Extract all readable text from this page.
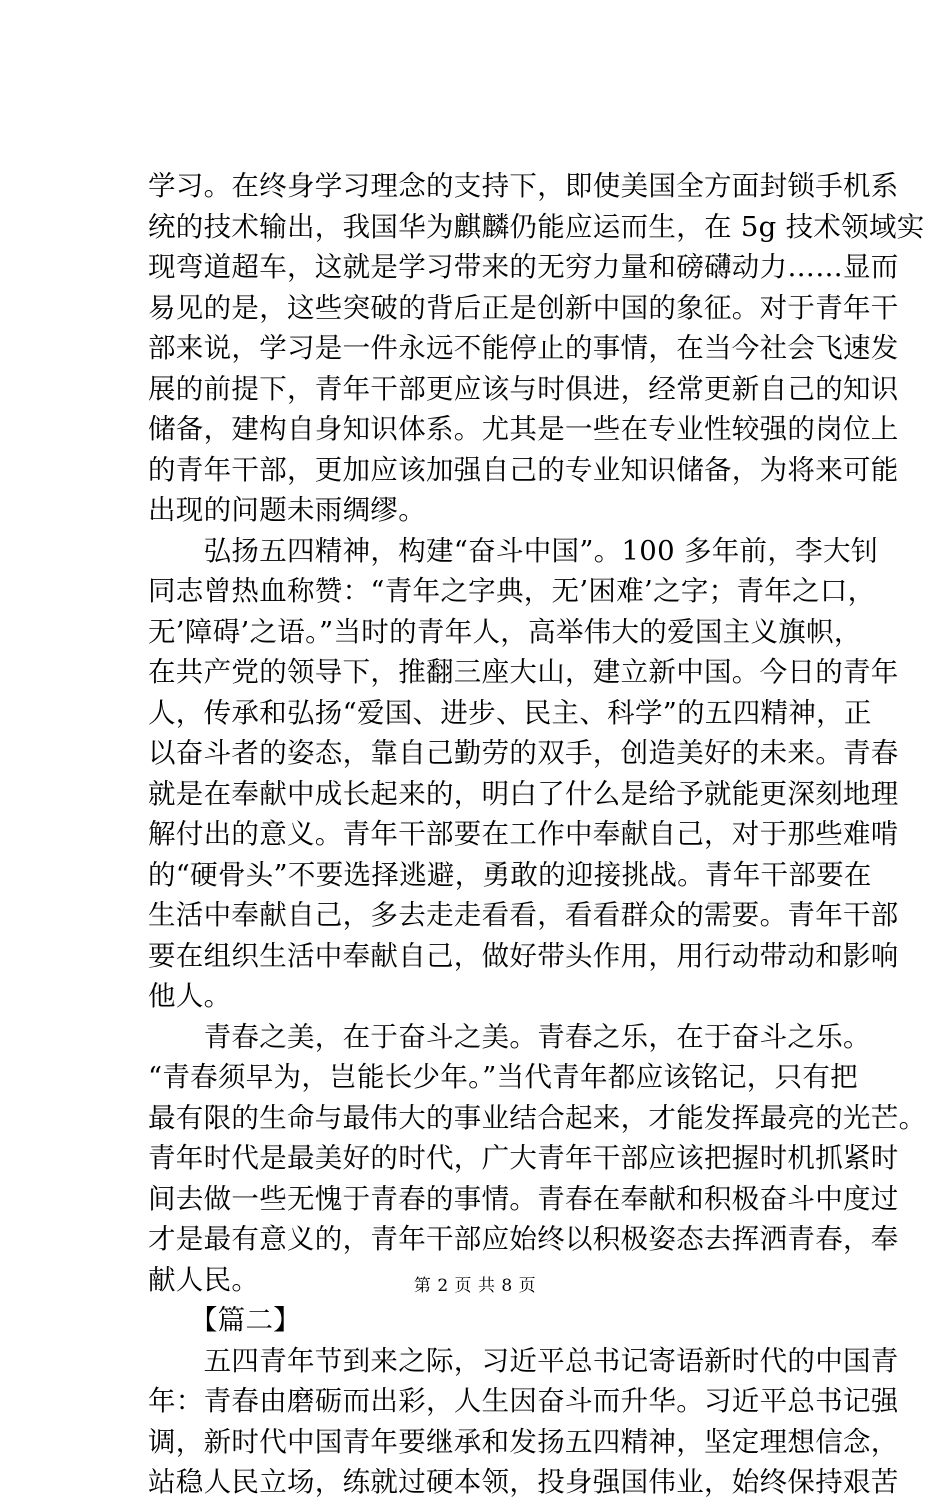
学习。在终身学习理念的支持下，即使美国全方面封锁手机系
统的技术输出，我国华为麒麟仍能应运而生，在 5g 技术领域实
现弯道超车，这就是学习带来的无穷力量和磅礴动力……显而
易见的是，这些突破的背后正是创新中国的象征。对于青年干
部来说，学习是一件永远不能停止的事情，在当今社会飞速发
展的前提下，青年干部更应该与时俱进，经常更新自己的知识
储备，建构自身知识体系。尤其是一些在专业性较强的岗位上
的青年干部，更加应该加强自己的专业知识储备，为将来可能
出现的问题未雨绸缪。
　　弘扬五四精神，构建“奋斗中国”。100 多年前，李大钊
同志曾热血称赞：“青年之字典，无’困难’之字；青年之口，
无’障碍’之语。”当时的青年人，高举伟大的爱国主义旗帜，
在共产党的领导下，推翻三座大山，建立新中国。今日的青年
人，传承和弘扬“爱国、进步、民主、科学”的五四精神，正
以奋斗者的姿态，靠自己勤劳的双手，创造美好的未来。青春
就是在奉献中成长起来的，明白了什么是给予就能更深刻地理
解付出的意义。青年干部要在工作中奉献自己，对于那些难啃
的“硬骨头”不要选择逃避，勇敢的迎接挑战。青年干部要在
生活中奉献自己，多去走走看看，看看群众的需要。青年干部
要在组织生活中奉献自己，做好带头作用，用行动带动和影响
他人。
　　青春之美，在于奋斗之美。青春之乐，在于奋斗之乐。
“青春须早为，岂能长少年。”当代青年都应该铭记，只有把
最有限的生命与最伟大的事业结合起来，才能发挥最亮的光芒。
青年时代是最美好的时代，广大青年干部应该把握时机抓紧时
间去做一些无愧于青春的事情。青春在奉献和积极奋斗中度过
才是最有意义的，青年干部应始终以积极姿态去挥洒青春，奉
献人民。
　　【篇二】
　　五四青年节到来之际，习近平总书记寄语新时代的中国青
年：青春由磨砺而出彩，人生因奋斗而升华。习近平总书记强
调，新时代中国青年要继承和发扬五四精神，坚定理想信念，
站稳人民立场，练就过硬本领，投身强国伟业，始终保持艰苦
第 2 页 共 8 页
